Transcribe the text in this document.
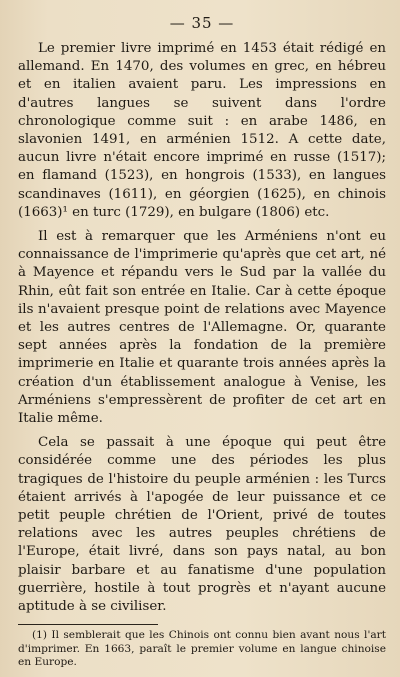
— 35 —

Le premier livre imprimé en 1453 était rédigé en allemand. En 1470, des volumes en grec, en hébreu et en italien avaient paru. Les impressions en d'autres langues se suivent dans l'ordre chronologique comme suit : en arabe 1486, en slavonien 1491, en arménien 1512. A cette date, aucun livre n'était encore imprimé en russe (1517); en flamand (1523), en hongrois (1533), en langues scandinaves (1611), en géorgien (1625), en chinois (1663)¹ en turc (1729), en bulgare (1806) etc.

Il est à remarquer que les Arméniens n'ont eu connaissance de l'imprimerie qu'après que cet art, né à Mayence et répandu vers le Sud par la vallée du Rhin, eût fait son entrée en Italie. Car à cette époque ils n'avaient presque point de relations avec Mayence et les autres centres de l'Allemagne. Or, quarante sept années après la fondation de la première imprimerie en Italie et quarante trois années après la création d'un établissement analogue à Venise, les Arméniens s'empressèrent de profiter de cet art en Italie même.

Cela se passait à une époque qui peut être considérée comme une des périodes les plus tragiques de l'histoire du peuple arménien : les Turcs étaient arrivés à l'apogée de leur puissance et ce petit peuple chrétien de l'Orient, privé de toutes relations avec les autres peuples chrétiens de l'Europe, était livré, dans son pays natal, au bon plaisir barbare et au fanatisme d'une population guerrière, hostile à tout progrès et n'ayant aucune aptitude à se civiliser.

(1) Il semblerait que les Chinois ont connu bien avant nous l'art d'imprimer. En 1663, paraît le premier volume en langue chinoise en Europe.
